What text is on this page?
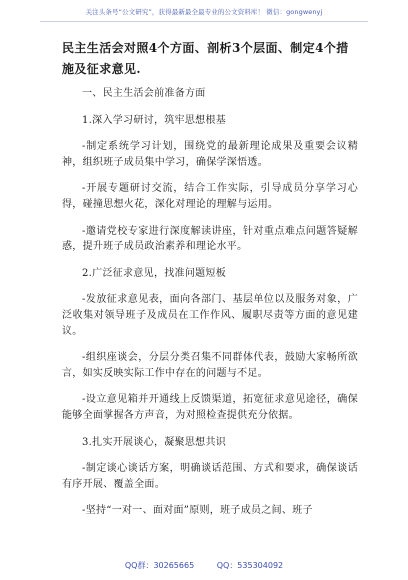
关注头条号“公文研究”，获得最新最全最专业的公文资料库！ 微信：gongwenyj
民主生活会对照4个方面、剖析3个层面、制定4个措施及征求意见.
一、民主生活会前准备方面
1.深入学习研讨，筑牢思想根基
-制定系统学习计划，围绕党的最新理论成果及重要会议精神，组织班子成员集中学习，确保学深悟透。
-开展专题研讨交流，结合工作实际，引导成员分享学习心得，碰撞思想火花，深化对理论的理解与运用。
-邀请党校专家进行深度解读讲座，针对重点难点问题答疑解惑，提升班子成员政治素养和理论水平。
2.广泛征求意见，找准问题短板
-发放征求意见表，面向各部门、基层单位以及服务对象，广泛收集对领导班子及成员在工作作风、履职尽责等方面的意见建议。
-组织座谈会，分层分类召集不同群体代表，鼓励大家畅所欲言，如实反映实际工作中存在的问题与不足。
-设立意见箱并开通线上反馈渠道，拓宽征求意见途径，确保能够全面掌握各方声音，为对照检查提供充分依据。
3.扎实开展谈心，凝聚思想共识
-制定谈心谈话方案，明确谈话范围、方式和要求，确保谈话有序开展、覆盖全面。
-坚持“一对一、面对面”原则，班子成员之间、班子
QQ群：30265665	QQ：535304092
